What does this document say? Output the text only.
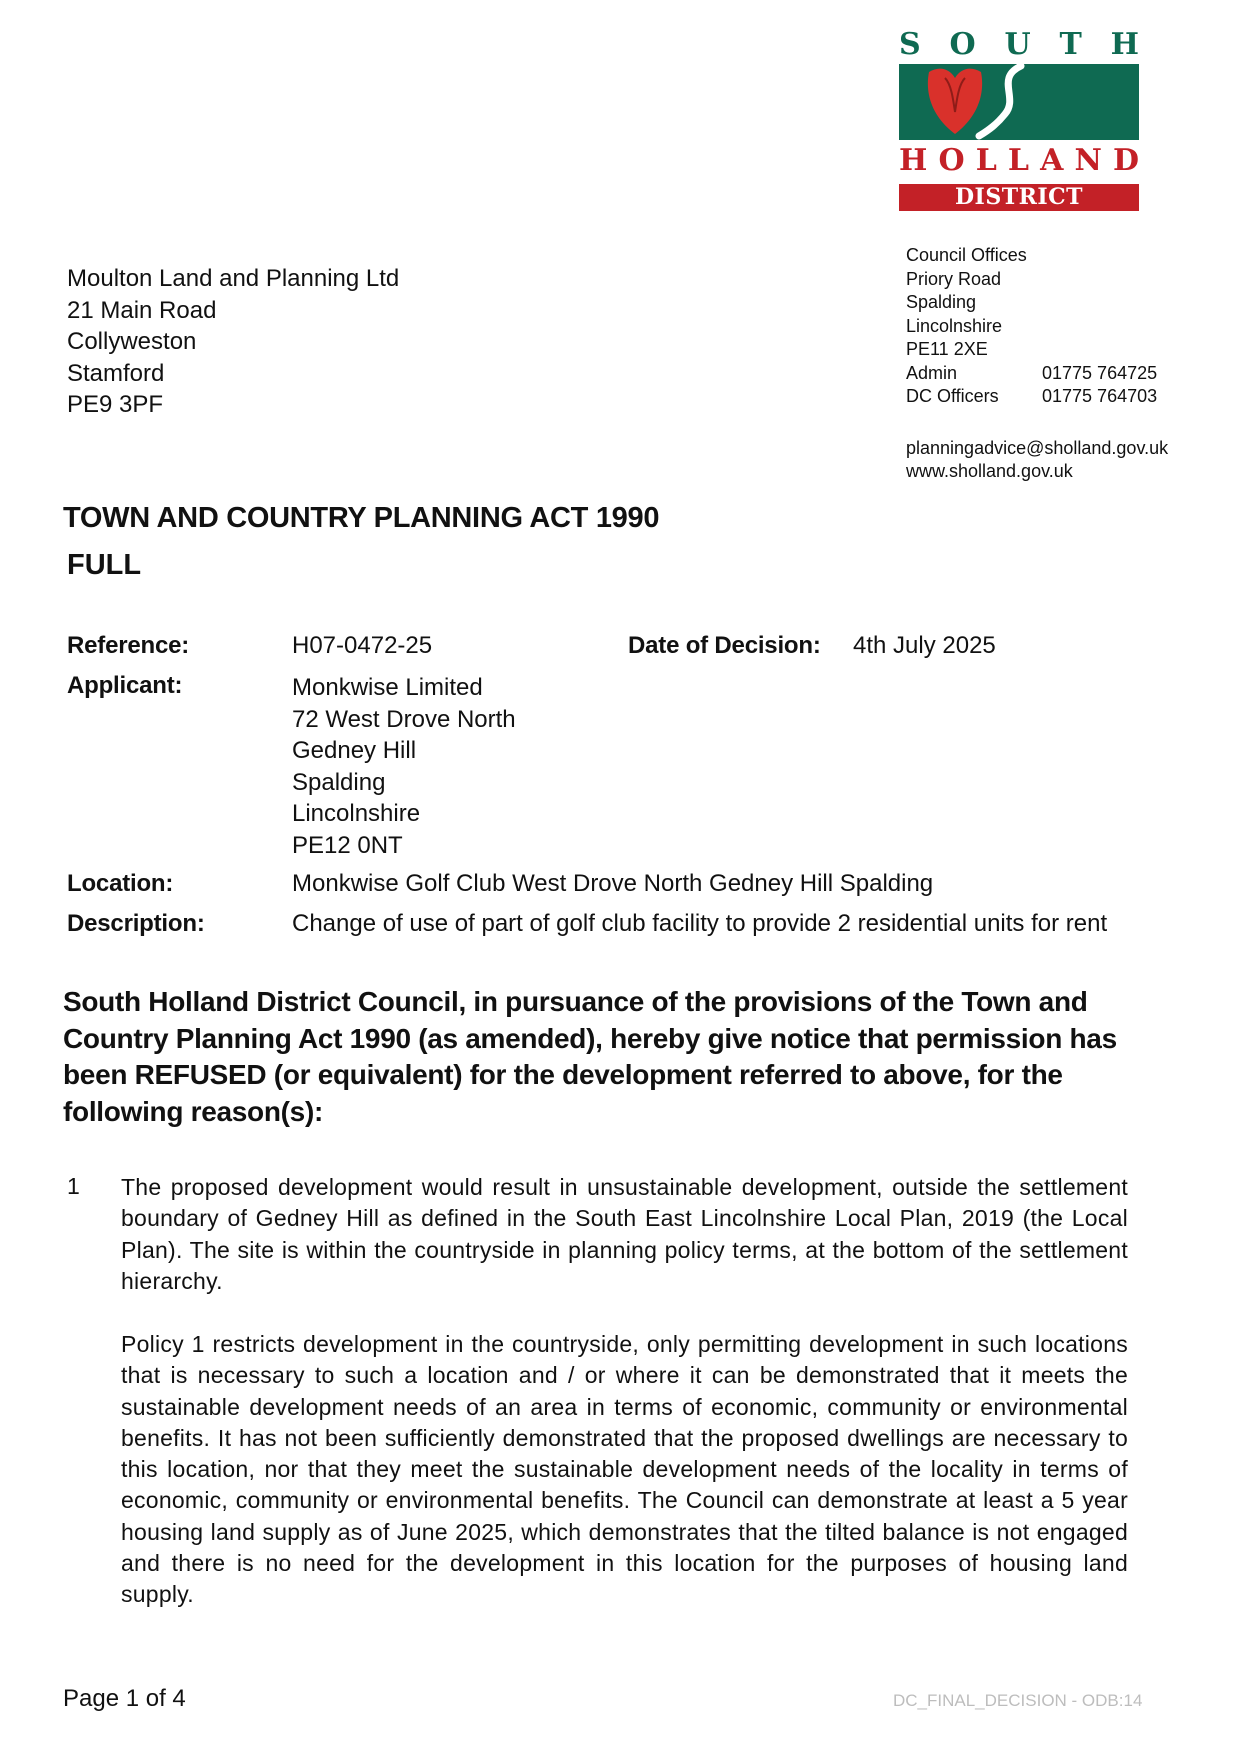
S O U T H
H O L L A N D
DISTRICT COUNCIL
Moulton Land and Planning Ltd
21 Main Road
Collyweston
Stamford
PE9 3PF
Council Offices
Priory Road
Spalding
Lincolnshire
PE11 2XE
Admin	01775 764725
DC Officers	01775 764703
planningadvice@sholland.gov.uk
www.sholland.gov.uk
TOWN AND COUNTRY PLANNING ACT 1990
FULL
Reference:	H07-0472-25	Date of Decision: 4th July 2025
Applicant:	Monkwise Limited
72 West Drove North
Gedney Hill
Spalding
Lincolnshire
PE12 0NT
Location:	Monkwise Golf Club West Drove North Gedney Hill Spalding
Description:	Change of use of part of golf club facility to provide 2 residential units for rent
South Holland District Council, in pursuance of the provisions of the Town and Country Planning Act 1990 (as amended), hereby give notice that permission has been REFUSED (or equivalent) for the development referred to above, for the following reason(s):
1 The proposed development would result in unsustainable development, outside the settlement boundary of Gedney Hill as defined in the South East Lincolnshire Local Plan, 2019 (the Local Plan). The site is within the countryside in planning policy terms, at the bottom of the settlement hierarchy.
Policy 1 restricts development in the countryside, only permitting development in such locations that is necessary to such a location and / or where it can be demonstrated that it meets the sustainable development needs of an area in terms of economic, community or environmental benefits. It has not been sufficiently demonstrated that the proposed dwellings are necessary to this location, nor that they meet the sustainable development needs of the locality in terms of economic, community or environmental benefits. The Council can demonstrate at least a 5 year housing land supply as of June 2025, which demonstrates that the tilted balance is not engaged and there is no need for the development in this location for the purposes of housing land supply.
Page 1 of 4	DC_FINAL_DECISION - ODB:14
